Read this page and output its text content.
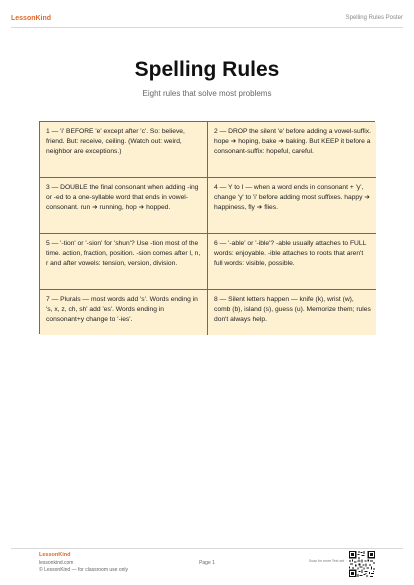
LessonKind	Spelling Rules Poster
Spelling Rules
Eight rules that solve most problems
1 — 'i' BEFORE 'e' except after 'c'. So: believe, friend. But: receive, ceiling. (Watch out: weird, neighbor are exceptions.)
2 — DROP the silent 'e' before adding a vowel-suffix. hope ➔ hoping, bake ➔ baking. But KEEP it before a consonant-suffix: hopeful, careful.
3 — DOUBLE the final consonant when adding -ing or -ed to a one-syllable word that ends in vowel-consonant. run ➔ running, hop ➔ hopped.
4 — Y to I — when a word ends in consonant + 'y', change 'y' to 'i' before adding most suffixes. happy ➔ happiness, fly ➔ flies.
5 — '-tion' or '-sion' for 'shun'? Use -tion most of the time. action, fraction, position. -sion comes after l, n, r and after vowels: tension, version, division.
6 — '-able' or '-ible'? -able usually attaches to FULL words: enjoyable. -ible attaches to roots that aren't full words: visible, possible.
7 — Plurals — most words add 's'. Words ending in 's, x, z, ch, sh' add 'es'. Words ending in consonant+y change to '-ies'.
8 — Silent letters happen — knife (k), wrist (w), comb (b), island (s), guess (u). Memorize them; rules don't always help.
LessonKind
lessonkind.com
© LessonKind — for classroom use only
Page 1	Scan for more Text set
